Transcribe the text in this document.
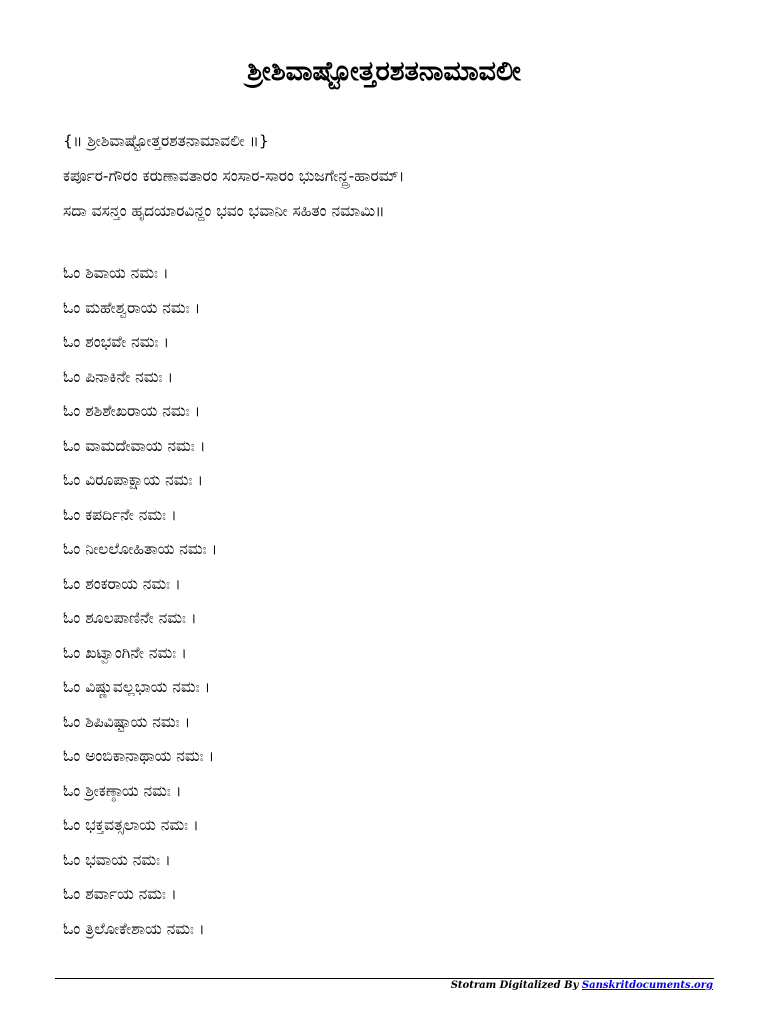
ಶ್ರೀಶಿವಾಷ್ಟೋತ್ತರಶತನಾಮಾವಲೀ
{॥ ಶ್ರೀಶಿವಾಷ್ಟೋತ್ತರಶತನಾಮಾವಲೀ ॥}
ಕರ್ಪೂರ-ಗೌರಂ ಕರುಣಾವತಾರಂ ಸಂಸಾರ-ಸಾರಂ ಭುಜಗೇನ್ದ್ರ-ಹಾರಮ್।
ಸದಾ ವಸನ್ತಂ ಹೃದಯಾರವಿನ್ದಂ ಭವಂ ಭವಾನೀ ಸಹಿತಂ ನಮಾಮಿ॥
ಓಂ ಶಿವಾಯ ನಮಃ ।
ಓಂ ಮಹೇಶ್ವರಾಯ ನಮಃ ।
ಓಂ ಶಂಭವೇ ನಮಃ ।
ಓಂ ಪಿನಾಕಿನೇ ನಮಃ ।
ಓಂ ಶಶಿಶೇಖರಾಯ ನಮಃ ।
ಓಂ ವಾಮದೇವಾಯ ನಮಃ ।
ಓಂ ವಿರೂಪಾಕ್ಷಾಯ ನಮಃ ।
ಓಂ ಕಪರ್ದಿನೇ ನಮಃ ।
ಓಂ ನೀಲಲೋಹಿತಾಯ ನಮಃ ।
ಓಂ ಶಂಕರಾಯ ನಮಃ ।
ಓಂ ಶೂಲಪಾಣಿನೇ ನಮಃ ।
ಓಂ ಖಟ್ವಾಂಗಿನೇ ನಮಃ ।
ಓಂ ವಿಷ್ಣುವಲ್ಲಭಾಯ ನಮಃ ।
ಓಂ ಶಿಪಿವಿಷ್ಟಾಯ ನಮಃ ।
ಓಂ ಅಂಬಿಕಾನಾಥಾಯ ನಮಃ ।
ಓಂ ಶ್ರೀಕಣ್ಠಾಯ ನಮಃ ।
ಓಂ ಭಕ್ತವತ್ಸಲಾಯ ನಮಃ ।
ಓಂ ಭವಾಯ ನಮಃ ।
ಓಂ ಶರ್ವಾಯ ನಮಃ ।
ಓಂ ತ್ರಿಲೋಕೇಶಾಯ ನಮಃ ।
Stotram Digitalized By Sanskritdocuments.org
